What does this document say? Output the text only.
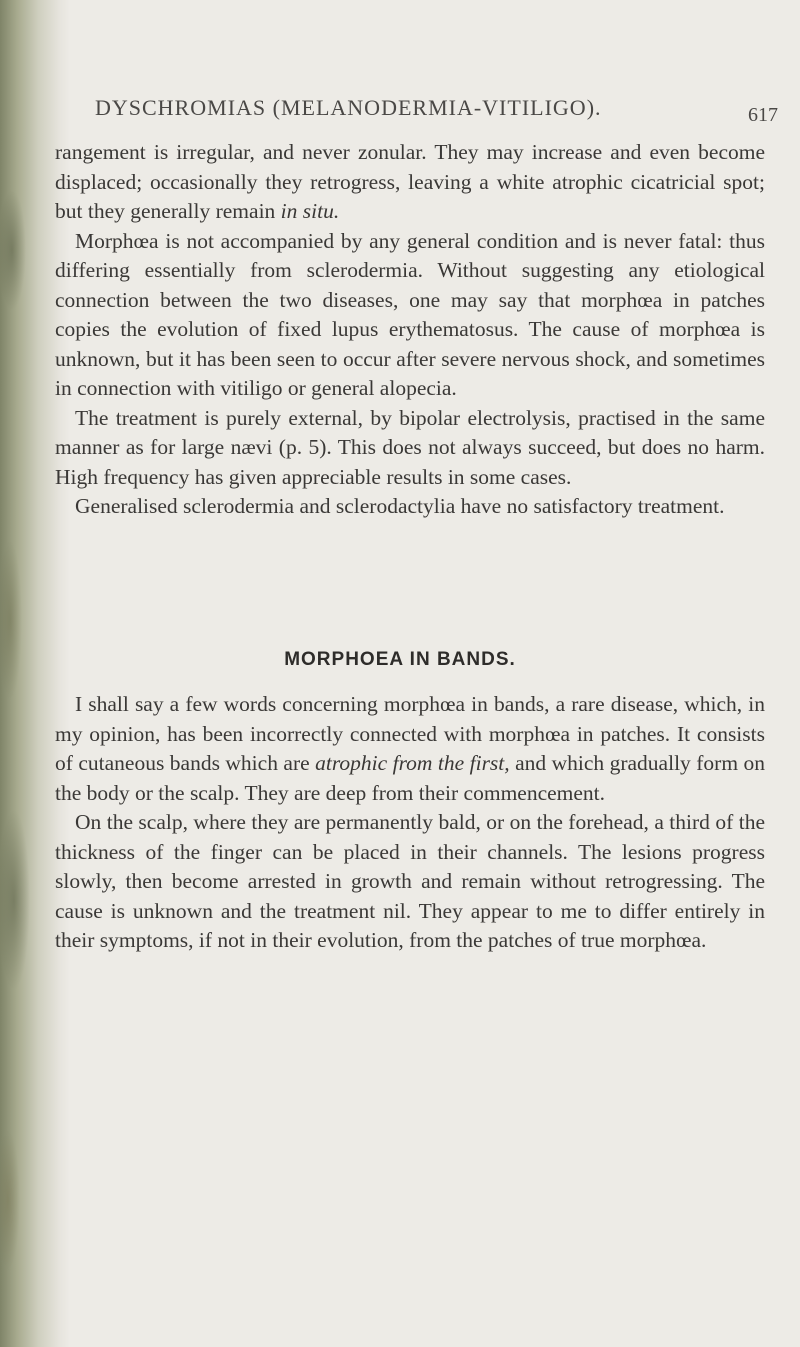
DYSCHROMIAS (MELANODERMIA-VITILIGO).	617

rangement is irregular, and never zonular. They may increase and even become displaced; occasionally they retrogress, leaving a white atrophic cicatricial spot; but they generally remain in situ.

Morphœa is not accompanied by any general condition and is never fatal: thus differing essentially from sclerodermia. Without suggesting any etiological connection between the two diseases, one may say that morphœa in patches copies the evolution of fixed lupus erythematosus. The cause of morphœa is unknown, but it has been seen to occur after severe nervous shock, and sometimes in connection with vitiligo or general alopecia.

The treatment is purely external, by bipolar electrolysis, practised in the same manner as for large nævi (p. 5). This does not always succeed, but does no harm. High frequency has given appreciable results in some cases.

Generalised sclerodermia and sclerodactylia have no satisfactory treatment.

MORPHOEA IN BANDS.

I shall say a few words concerning morphœa in bands, a rare disease, which, in my opinion, has been incorrectly connected with morphœa in patches. It consists of cutaneous bands which are atrophic from the first, and which gradually form on the body or the scalp. They are deep from their commencement.

On the scalp, where they are permanently bald, or on the forehead, a third of the thickness of the finger can be placed in their channels. The lesions progress slowly, then become arrested in growth and remain without retrogressing. The cause is unknown and the treatment nil. They appear to me to differ entirely in their symptoms, if not in their evolution, from the patches of true morphœa.
